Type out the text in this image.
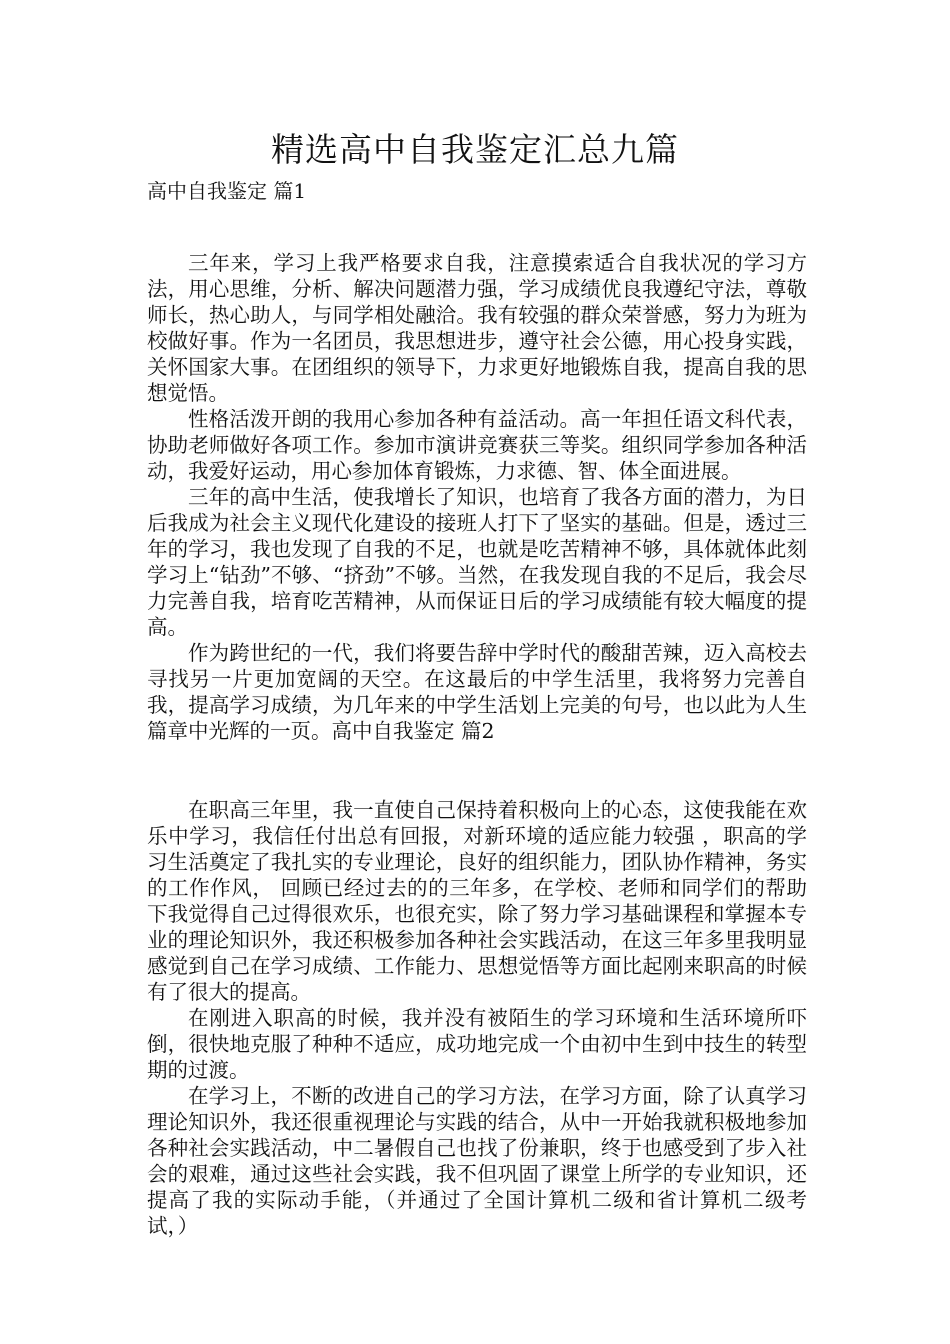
精选高中自我鉴定汇总九篇
高中自我鉴定 篇1

三年来，学习上我严格要求自我，注意摸索适合自我状况的学习方法，用心思维，分析、解决问题潜力强，学习成绩优良我遵纪守法，尊敬师长，热心助人，与同学相处融洽。我有较强的群众荣誉感，努力为班为校做好事。作为一名团员，我思想进步，遵守社会公德，用心投身实践，关怀国家大事。在团组织的领导下，力求更好地锻炼自我，提高自我的思想觉悟。

性格活泼开朗的我用心参加各种有益活动。高一年担任语文科代表，协助老师做好各项工作。参加市演讲竞赛获三等奖。组织同学参加各种活动，我爱好运动，用心参加体育锻炼，力求德、智、体全面进展。

三年的高中生活，使我增长了知识，也培育了我各方面的潜力，为日后我成为社会主义现代化建设的接班人打下了坚实的基础。但是，透过三年的学习，我也发现了自我的不足，也就是吃苦精神不够，具体就体此刻学习上“钻劲”不够、“挤劲”不够。当然，在我发现自我的不足后，我会尽力完善自我，培育吃苦精神，从而保证日后的学习成绩能有较大幅度的提高。

作为跨世纪的一代，我们将要告辞中学时代的酸甜苦辣，迈入高校去寻找另一片更加宽阔的天空。在这最后的中学生活里，我将努力完善自我，提高学习成绩，为几年来的中学生活划上完美的句号，也以此为人生篇章中光辉的一页。高中自我鉴定 篇2

在职高三年里，我一直使自己保持着积极向上的心态，这使我能在欢乐中学习，我信任付出总有回报，对新环境的适应能力较强 ，职高的学习生活奠定了我扎实的专业理论，良好的组织能力，团队协作精神，务实的工作作风， 回顾已经过去的的三年多，在学校、老师和同学们的帮助下我觉得自己过得很欢乐，也很充实，除了努力学习基础课程和掌握本专业的理论知识外，我还积极参加各种社会实践活动，在这三年多里我明显感觉到自己在学习成绩、工作能力、思想觉悟等方面比起刚来职高的时候有了很大的提高。

在刚进入职高的时候，我并没有被陌生的学习环境和生活环境所吓倒，很快地克服了种种不适应，成功地完成一个由初中生到中技生的转型期的过渡。

在学习上，不断的改进自己的学习方法，在学习方面，除了认真学习理论知识外，我还很重视理论与实践的结合，从中一开始我就积极地参加各种社会实践活动，中二暑假自己也找了份兼职，终于也感受到了步入社会的艰难，通过这些社会实践，我不但巩固了课堂上所学的专业知识，还提高了我的实际动手能，（并通过了全国计算机二级和省计算机二级考试，）
